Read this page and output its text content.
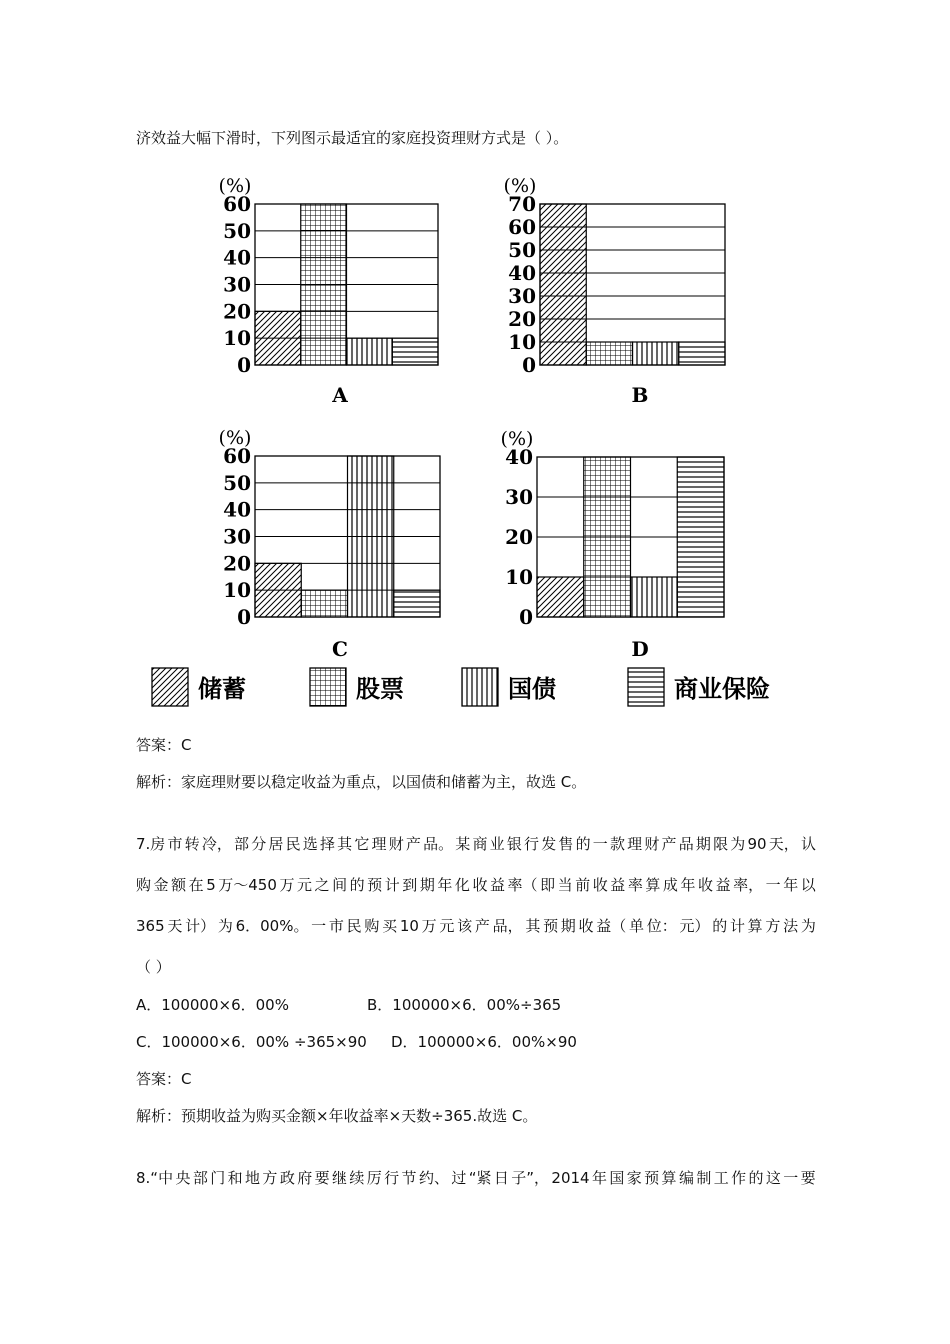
济效益大幅下滑时，下列图示最适宜的家庭投资理财方式是（ ）。
0
10
20
30
40
50
60
(%)
A
0
10
20
30
40
50
60
70
(%)
B
0
10
20
30
40
50
60
(%)
C
0
10
20
30
40
(%)
D
储蓄	股票	国债	商业保险
答案：C
解析：家庭理财要以稳定收益为重点，以国债和储蓄为主，故选 C。
7.房 市 转 冷， 部 分 居 民 选 择 其 它 理 财 产 品。 某 商 业 银 行 发 售 的 一 款 理 财 产 品 期 限 为 90 天， 认
购 金 额 在 5 万～450 万 元 之 间 的 预 计 到 期 年 化 收 益 率（ 即 当 前 收 益 率 算 成 年 收 益 率， 一 年 以
365 天 计） 为 6．00%。 一 市 民 购 买 10 万 元 该 产 品， 其 预 期 收 益（ 单 位： 元） 的 计 算 方 法 为
（ ）
A．100000×6．00%	B．100000×6．00%÷365
C．100000×6．00% ÷365×90 D．100000×6．00%×90
答案：C
解析：预期收益为购买金额×年收益率×天数÷365.故选 C。
8.“中 央 部 门 和 地 方 政 府 要 继 续 厉 行 节 约、 过 “紧 日 子”， 2014 年 国 家 预 算 编 制 工 作 的 这 一 要
